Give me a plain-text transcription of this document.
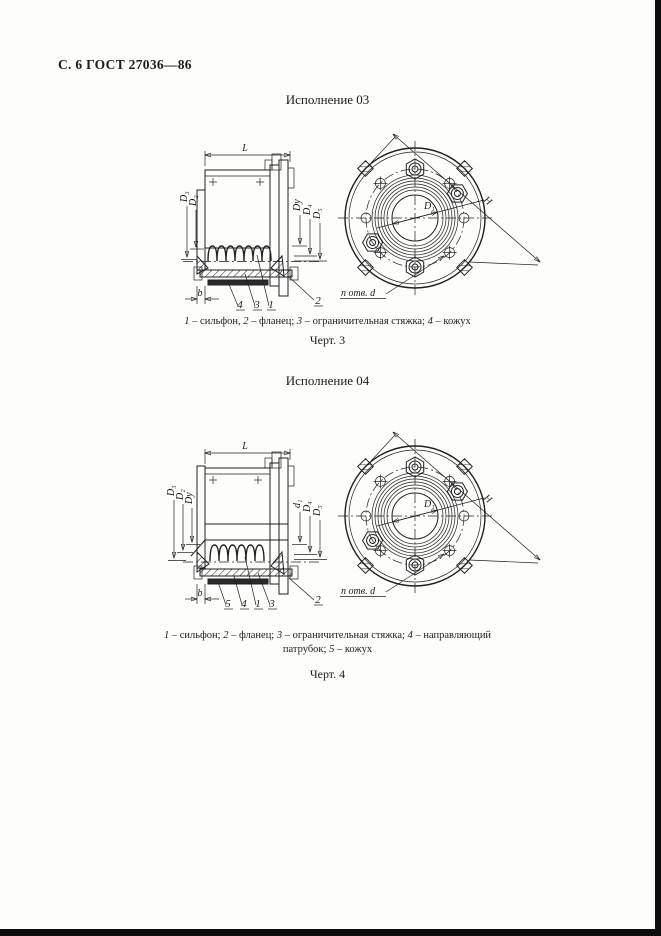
С. 6 ГОСТ 27036—86
Исполнение 03
L
D₃
D₂	Dу D₄ D₅
b
4 3 1	2
D₁	H
n отв. d
1 – сильфон, 2 – фланец; 3 – ограничительная стяжка; 4 – кожух
Черт. 3
Исполнение 04
L
D₃
D₂
Dу	d₁ D₄ D₅
b
5 4 1 3	2
D₁	H
n отв. d
1 – сильфон; 2 – фланец; 3 – ограничительная стяжка; 4 – направляющий
патрубок; 5 – кожух
Черт. 4
